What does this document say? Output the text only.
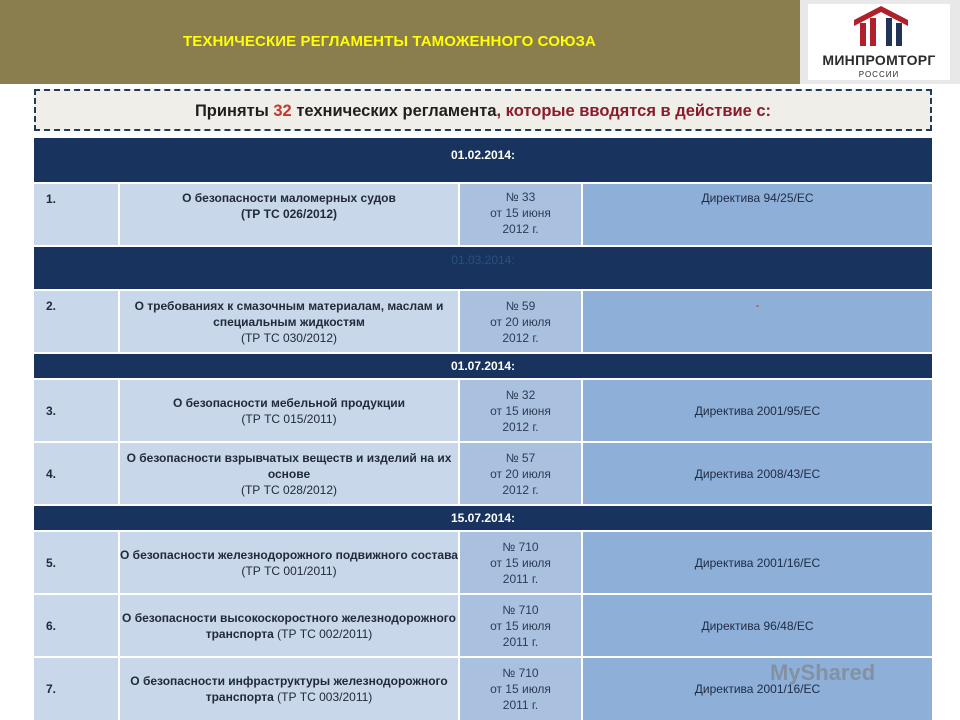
ТЕХНИЧЕСКИЕ РЕГЛАМЕНТЫ ТАМОЖЕННОГО СОЮЗА
МИНПРОМТОРГ
РОССИИ
Приняты 32 технических регламента, которые вводятся в действие с:
01.02.2014:
1.	О безопасности маломерных судов
(ТР ТС 026/2012)
№ 33
от 15 июня
2012 г.
Директива 94/25/ЕС
01.03.2014:
2.	О требованиях к смазочным материалам, маслам и специальным жидкостям
(ТР ТС 030/2012)
№ 59
от 20 июля
2012 г.
-
01.07.2014:
3.
О безопасности мебельной продукции
(ТР ТС 015/2011)
№ 32
от 15 июня
2012 г.
Директива 2001/95/ЕС
4.
О безопасности взрывчатых веществ и изделий на их основе
(ТР ТС 028/2012)
№ 57
от 20 июля
2012 г.
Директива 2008/43/ЕС
15.07.2014:
5.
О безопасности железнодорожного подвижного состава
(ТР ТС 001/2011)
№ 710
от 15 июля
2011 г.
Директива 2001/16/ЕС
6.
О безопасности высокоскоростного железнодорожного транспорта (ТР ТС 002/2011)
№ 710
от 15 июля
2011 г.
Директива 96/48/ЕС
7.
О безопасности инфраструктуры железнодорожного транспорта (ТР ТС 003/2011)
№ 710
от 15 июля
2011 г.
Директива 2001/16/ЕС
MyShared
